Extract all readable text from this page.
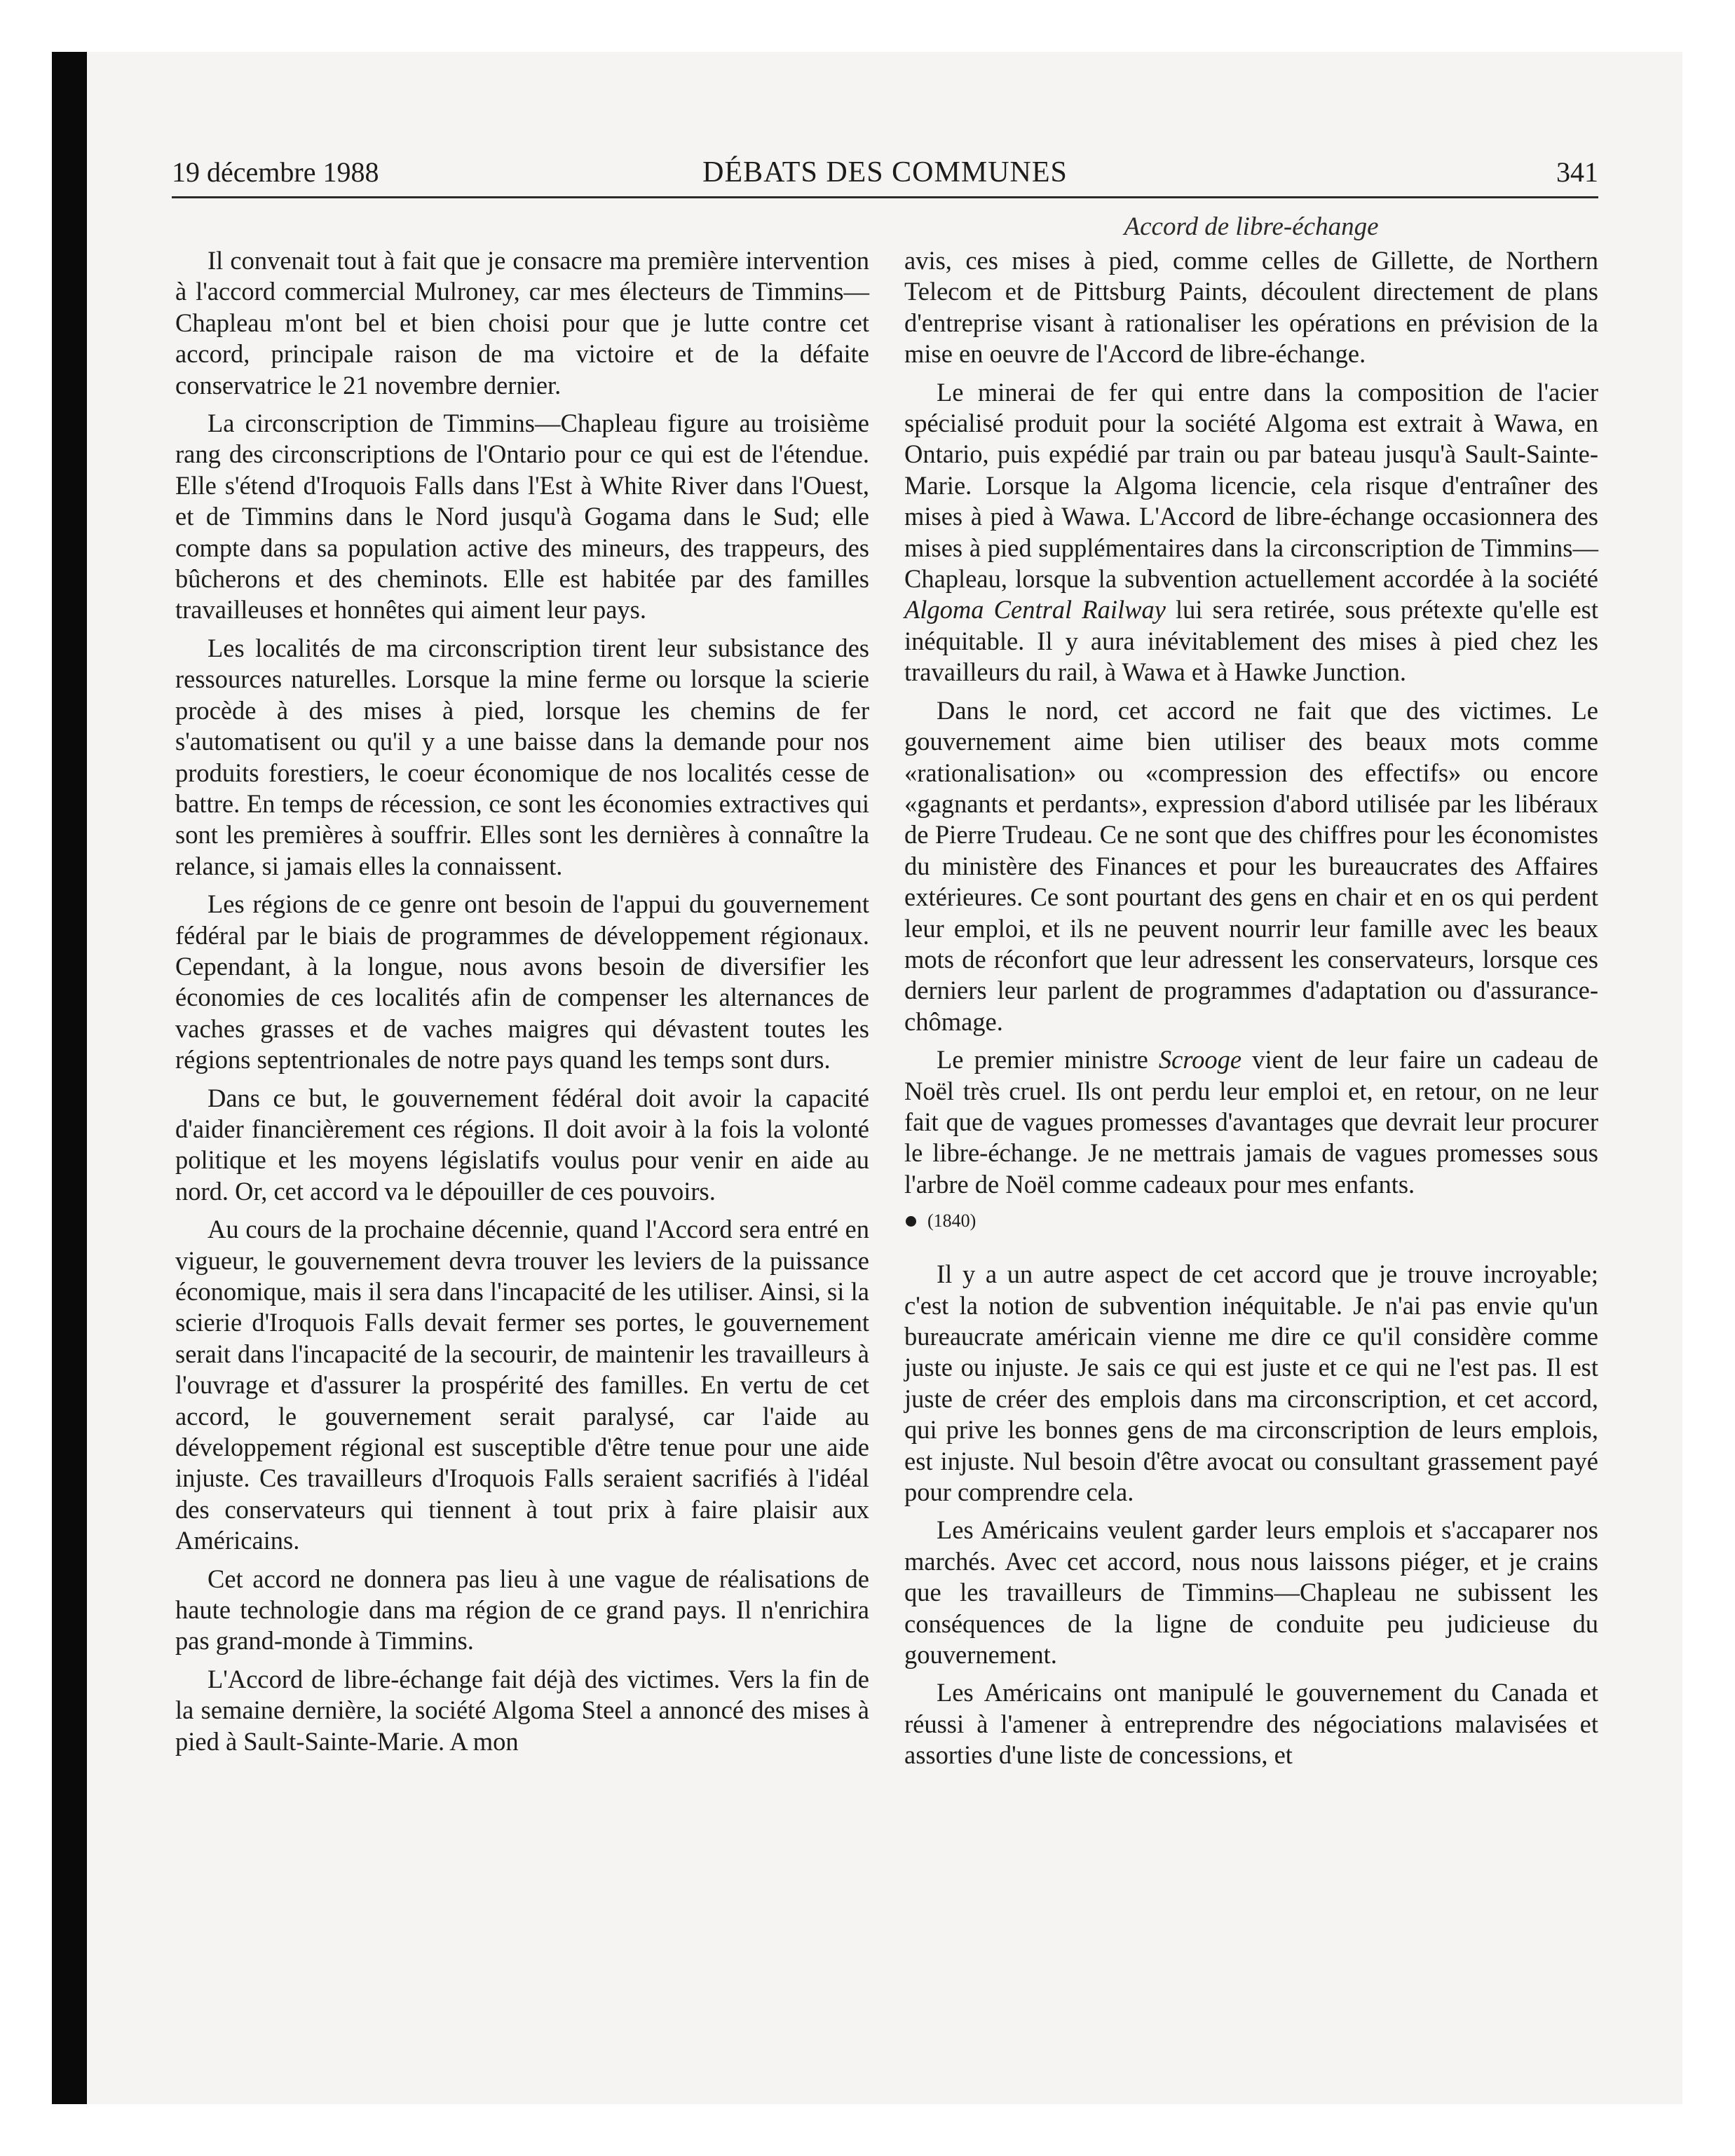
19 décembre 1988	DÉBATS DES COMMUNES	341
Accord de libre-échange

Il convenait tout à fait que je consacre ma première intervention à l'accord commercial Mulroney, car mes électeurs de Timmins—Chapleau m'ont bel et bien choisi pour que je lutte contre cet accord, principale raison de ma victoire et de la défaite conservatrice le 21 novembre dernier.

La circonscription de Timmins—Chapleau figure au troisième rang des circonscriptions de l'Ontario pour ce qui est de l'étendue. Elle s'étend d'Iroquois Falls dans l'Est à White River dans l'Ouest, et de Timmins dans le Nord jusqu'à Gogama dans le Sud; elle compte dans sa population active des mineurs, des trappeurs, des bûcherons et des cheminots. Elle est habitée par des familles travailleuses et honnêtes qui aiment leur pays.

Les localités de ma circonscription tirent leur subsistance des ressources naturelles. Lorsque la mine ferme ou lorsque la scierie procède à des mises à pied, lorsque les chemins de fer s'automatisent ou qu'il y a une baisse dans la demande pour nos produits forestiers, le coeur économique de nos localités cesse de battre. En temps de récession, ce sont les économies extractives qui sont les premières à souffrir. Elles sont les dernières à connaître la relance, si jamais elles la connaissent.

Les régions de ce genre ont besoin de l'appui du gouvernement fédéral par le biais de programmes de développement régionaux. Cependant, à la longue, nous avons besoin de diversifier les économies de ces localités afin de compenser les alternances de vaches grasses et de vaches maigres qui dévastent toutes les régions septentrionales de notre pays quand les temps sont durs.

Dans ce but, le gouvernement fédéral doit avoir la capacité d'aider financièrement ces régions. Il doit avoir à la fois la volonté politique et les moyens législatifs voulus pour venir en aide au nord. Or, cet accord va le dépouiller de ces pouvoirs.

Au cours de la prochaine décennie, quand l'Accord sera entré en vigueur, le gouvernement devra trouver les leviers de la puissance économique, mais il sera dans l'incapacité de les utiliser. Ainsi, si la scierie d'Iroquois Falls devait fermer ses portes, le gouvernement serait dans l'incapacité de la secourir, de maintenir les travailleurs à l'ouvrage et d'assurer la prospérité des familles. En vertu de cet accord, le gouvernement serait paralysé, car l'aide au développement régional est susceptible d'être tenue pour une aide injuste. Ces travailleurs d'Iroquois Falls seraient sacrifiés à l'idéal des conservateurs qui tiennent à tout prix à faire plaisir aux Américains.

Cet accord ne donnera pas lieu à une vague de réalisations de haute technologie dans ma région de ce grand pays. Il n'enrichira pas grand-monde à Timmins.

L'Accord de libre-échange fait déjà des victimes. Vers la fin de la semaine dernière, la société Algoma Steel a annoncé des mises à pied à Sault-Sainte-Marie. A mon

avis, ces mises à pied, comme celles de Gillette, de Northern Telecom et de Pittsburg Paints, découlent directement de plans d'entreprise visant à rationaliser les opérations en prévision de la mise en oeuvre de l'Accord de libre-échange.

Le minerai de fer qui entre dans la composition de l'acier spécialisé produit pour la société Algoma est extrait à Wawa, en Ontario, puis expédié par train ou par bateau jusqu'à Sault-Sainte-Marie. Lorsque la Algoma licencie, cela risque d'entraîner des mises à pied à Wawa. L'Accord de libre-échange occasionnera des mises à pied supplémentaires dans la circonscription de Timmins—Chapleau, lorsque la subvention actuellement accordée à la société Algoma Central Railway lui sera retirée, sous prétexte qu'elle est inéquitable. Il y aura inévitablement des mises à pied chez les travailleurs du rail, à Wawa et à Hawke Junction.

Dans le nord, cet accord ne fait que des victimes. Le gouvernement aime bien utiliser des beaux mots comme «rationalisation» ou «compression des effectifs» ou encore «gagnants et perdants», expression d'abord utilisée par les libéraux de Pierre Trudeau. Ce ne sont que des chiffres pour les économistes du ministère des Finances et pour les bureaucrates des Affaires extérieures. Ce sont pourtant des gens en chair et en os qui perdent leur emploi, et ils ne peuvent nourrir leur famille avec les beaux mots de réconfort que leur adressent les conservateurs, lorsque ces derniers leur parlent de programmes d'adaptation ou d'assurance-chômage.

Le premier ministre Scrooge vient de leur faire un cadeau de Noël très cruel. Ils ont perdu leur emploi et, en retour, on ne leur fait que de vagues promesses d'avantages que devrait leur procurer le libre-échange. Je ne mettrais jamais de vagues promesses sous l'arbre de Noël comme cadeaux pour mes enfants.

(1840)

Il y a un autre aspect de cet accord que je trouve incroyable; c'est la notion de subvention inéquitable. Je n'ai pas envie qu'un bureaucrate américain vienne me dire ce qu'il considère comme juste ou injuste. Je sais ce qui est juste et ce qui ne l'est pas. Il est juste de créer des emplois dans ma circonscription, et cet accord, qui prive les bonnes gens de ma circonscription de leurs emplois, est injuste. Nul besoin d'être avocat ou consultant grassement payé pour comprendre cela.

Les Américains veulent garder leurs emplois et s'accaparer nos marchés. Avec cet accord, nous nous laissons piéger, et je crains que les travailleurs de Timmins—Chapleau ne subissent les conséquences de la ligne de conduite peu judicieuse du gouvernement.

Les Américains ont manipulé le gouvernement du Canada et réussi à l'amener à entreprendre des négociations malavisées et assorties d'une liste de concessions, et
